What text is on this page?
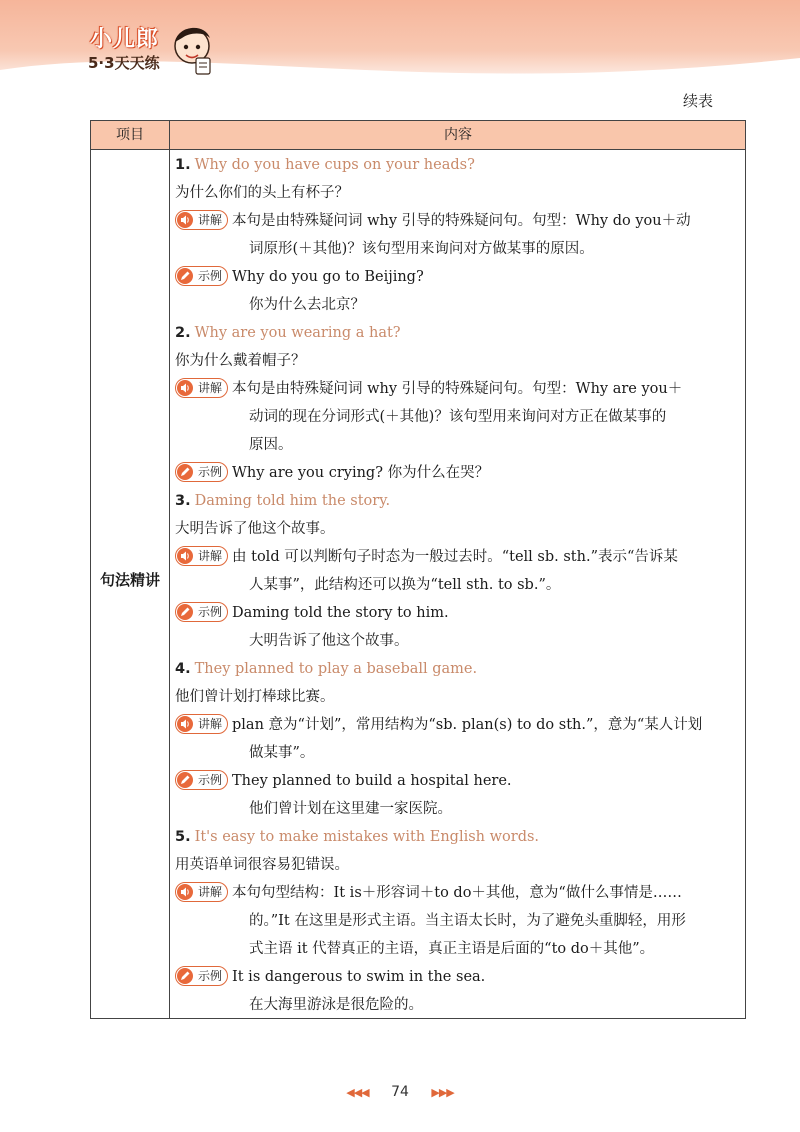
小儿郎
5·3天天练
续表
项目	内容
句法精讲
1. Why do you have cups on your heads?
为什么你们的头上有杯子？
讲解 本句是由特殊疑问词 why 引导的特殊疑问句。句型：Why do you＋动
词原形(＋其他)？该句型用来询问对方做某事的原因。
示例 Why do you go to Beijing?
你为什么去北京？
2. Why are you wearing a hat?
你为什么戴着帽子？
讲解 本句是由特殊疑问词 why 引导的特殊疑问句。句型：Why are you＋
动词的现在分词形式(＋其他)？该句型用来询问对方正在做某事的
原因。
示例 Why are you crying? 你为什么在哭？
3. Daming told him the story.
大明告诉了他这个故事。
讲解 由 told 可以判断句子时态为一般过去时。“tell sb. sth.”表示“告诉某
人某事”，此结构还可以换为“tell sth. to sb.”。
示例 Daming told the story to him.
大明告诉了他这个故事。
4. They planned to play a baseball game.
他们曾计划打棒球比赛。
讲解 plan 意为“计划”，常用结构为“sb. plan(s) to do sth.”，意为“某人计划
做某事”。
示例 They planned to build a hospital here.
他们曾计划在这里建一家医院。
5. It's easy to make mistakes with English words.
用英语单词很容易犯错误。
讲解 本句句型结构：It is＋形容词＋to do＋其他，意为“做什么事情是……
的。”It 在这里是形式主语。当主语太长时，为了避免头重脚轻，用形
式主语 it 代替真正的主语，真正主语是后面的“to do＋其他”。
示例 It is dangerous to swim in the sea.
在大海里游泳是很危险的。
◀◀◀ 74 ▶▶▶
